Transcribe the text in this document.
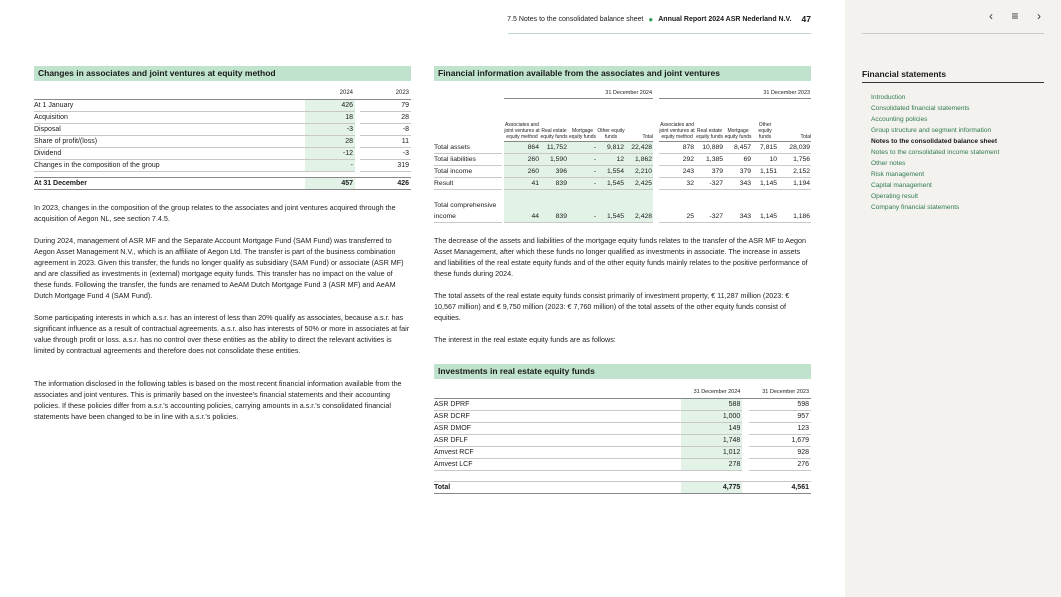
7.5 Notes to the consolidated balance sheet ● Annual Report 2024 ASR Nederland N.V. 47
Changes in associates and joint ventures at equity method
	2024		2023
At 1 January	426		79
Acquisition	18		28
Disposal	-3		-8
Share of profit/(loss)	28		11
Dividend	-12		-3
Changes in the composition of the group	-		319

At 31 December	457		426

In 2023, changes in the composition of the group relates to the associates and joint ventures acquired through the acquisition of Aegon NL, see section 7.4.5.

During 2024, management of ASR MF and the Separate Account Mortgage Fund (SAM Fund) was transferred to Aegon Asset Management N.V., which is an affiliate of Aegon Ltd. The transfer is part of the business combination agreement in 2023. Given this transfer, the funds no longer qualify as subsidiary (SAM Fund) or associate (ASR MF) and are classified as investments in (external) mortgage equity funds. This transfer has no impact on the value of these funds. Following the transfer, the funds are renamed to AeAM Dutch Mortgage Fund 3 (ASR MF) and AeAM Dutch Mortgage Fund 4 (SAM Fund).

Some participating interests in which a.s.r. has an interest of less than 20% qualify as associates, because a.s.r. has significant influence as a result of contractual agreements. a.s.r. also has interests of 50% or more in associates at fair value through profit or loss. a.s.r. has no control over these entities as the ability to direct the relevant activities is limited by contractual agreements and therefore does not consolidate these entities.

The information disclosed in the following tables is based on the most recent financial information available from the associates and joint ventures. This is primarily based on the investee's financial statements and their accounting policies. If these policies differ from a.s.r.'s accounting policies, carrying amounts in a.s.r.'s consolidated financial statements have been changed to be in line with a.s.r.'s policies.

Financial information available from the associates and joint ventures
		31 December 2024						31 December 2023				
		Associates and joint ventures at equity method	Real estate equity funds	Mortgage equity funds	Other equity funds	Total		Associates and joint ventures at equity method	Real estate equity funds	Mortgage equity funds	Other equity funds	Total
Total assets		864	11,752	-	9,812	22,428		878	10,889	8,457	7,815	28,039
Total liabilities		260	1,590	-	12	1,862		292	1,385	69	10	1,756
Total income		260	396	-	1,554	2,210		243	379	379	1,151	2,152
Result		41	839	-	1,545	2,425		32	-327	343	1,145	1,194
Total comprehensive income		44	839	-	1,545	2,428		25	-327	343	1,145	1,186

The decrease of the assets and liabilities of the mortgage equity funds relates to the transfer of the ASR MF to Aegon Asset Management, after which these funds no longer qualified as investments in associate. The increase in assets and liabilities of the real estate equity funds and of the other equity funds mainly relates to the positive performance of these funds during 2024.

The total assets of the real estate equity funds consist primarily of investment property, € 11,287 million (2023: € 10,567 million) and € 9,750 million (2023: € 7,760 million) of the total assets of the other equity funds consist of equities.

The interest in the real estate equity funds are as follows:

Investments in real estate equity funds
	31 December 2024		31 December 2023
ASR DPRF	588		598
ASR DCRF	1,000		957
ASR DMOF	149		123
ASR DFLF	1,748		1,679
Amvest RCF	1,012		928
Amvest LCF	278		276

Total	4,775		4,561
‹	≡	›
Financial statements
Introduction
Consolidated financial statements
Accounting policies
Group structure and segment information
Notes to the consolidated balance sheet
Notes to the consolidated income statement
Other notes
Risk management
Capital management
Operating result
Company financial statements
